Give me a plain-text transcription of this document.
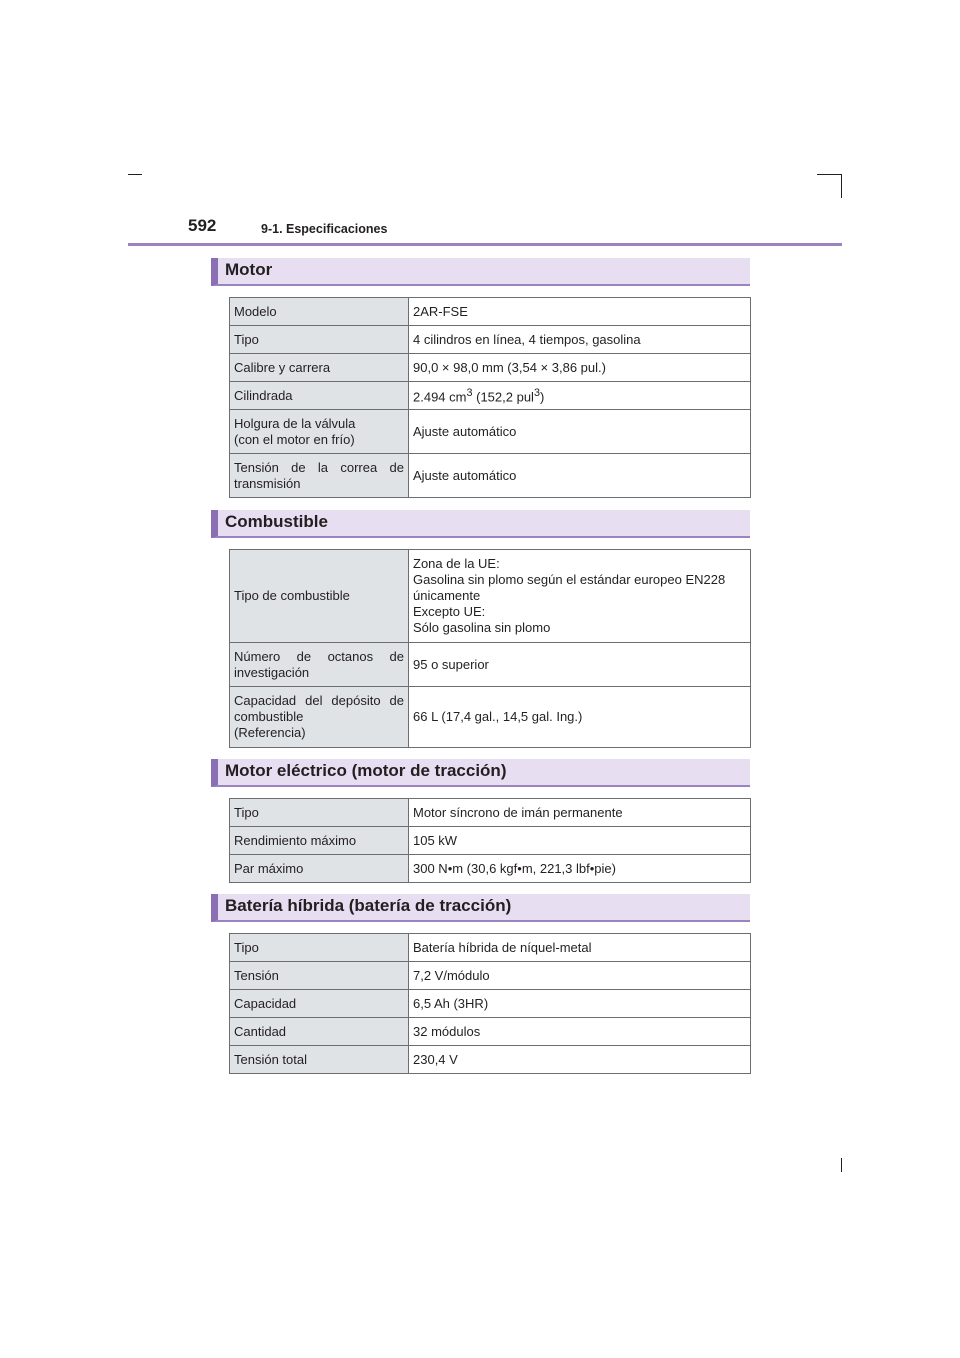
592	9-1. Especificaciones
Motor
Modelo	2AR-FSE
Tipo	4 cilindros en línea, 4 tiempos, gasolina
Calibre y carrera	90,0 × 98,0 mm (3,54 × 3,86 pul.)
Cilindrada	2.494 $cm^3$ (152,2 pul$^3$)
Holgura de la válvula
(con el motor en frío)	Ajuste automático
Tensión de la correa de transmisión	Ajuste automático
Combustible
Tipo de combustible	Zona de la UE:
Gasolina sin plomo según el estándar europeo EN228 únicamente
Excepto UE:
Sólo gasolina sin plomo
Número de octanos de investigación	95 o superior
Capacidad del depósito de combustible
(Referencia)	66 L (17,4 gal., 14,5 gal. Ing.)
Motor eléctrico (motor de tracción)
Tipo	Motor síncrono de imán permanente
Rendimiento máximo	105 kW
Par máximo	300 N•m (30,6 kgf•m, 221,3 lbf•pie)
Batería híbrida (batería de tracción)
Tipo	Batería híbrida de níquel-metal
Tensión	7,2 V/módulo
Capacidad	6,5 Ah (3HR)
Cantidad	32 módulos
Tensión total	230,4 V
